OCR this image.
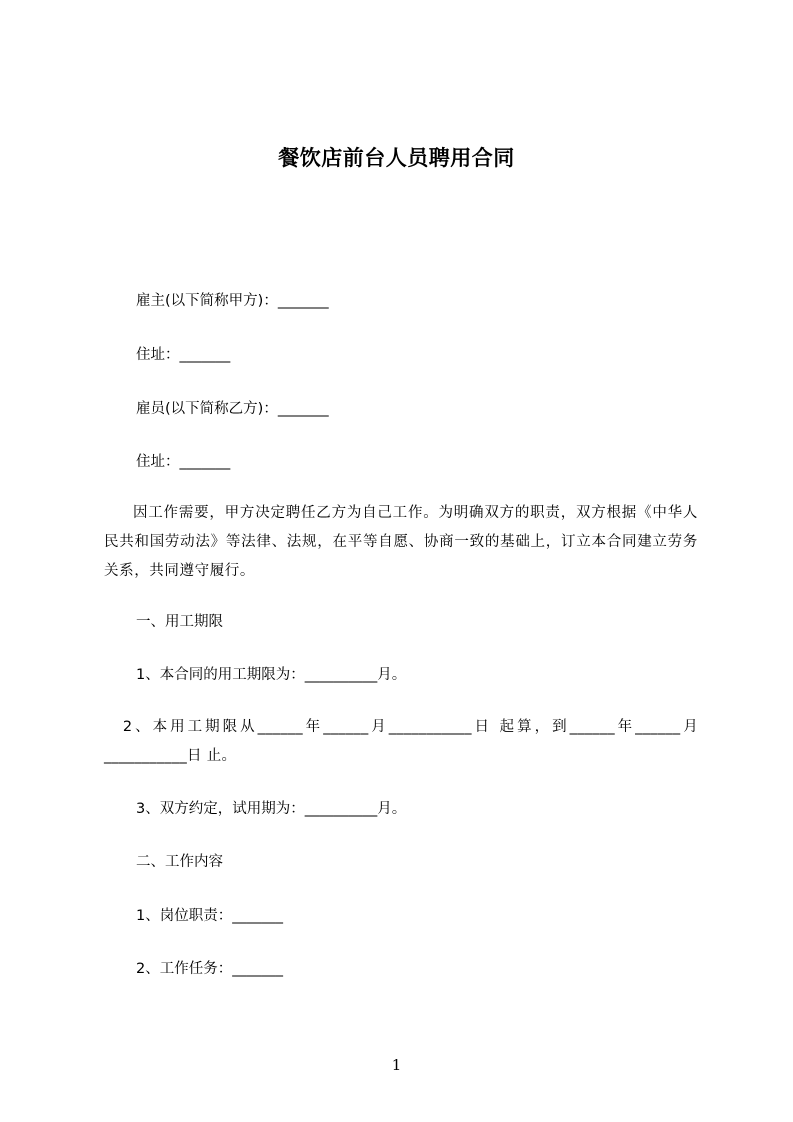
餐饮店前台人员聘用合同

雇主(以下简称甲方)：_______

住址：_______

雇员(以下简称乙方)：_______

住址：_______

因工作需要，甲方决定聘任乙方为自己工作。为明确双方的职责，双方根据《中华人民共和国劳动法》等法律、法规，在平等自愿、协商一致的基础上，订立本合同建立劳务关系，共同遵守履行。

一、用工期限

1、本合同的用工期限为：__________月。

2、本用工期限从______年______月___________日 起算，到______年______月___________日 止。

3、双方约定，试用期为：__________月。

二、工作内容

1、岗位职责：_______

2、工作任务：_______

1
